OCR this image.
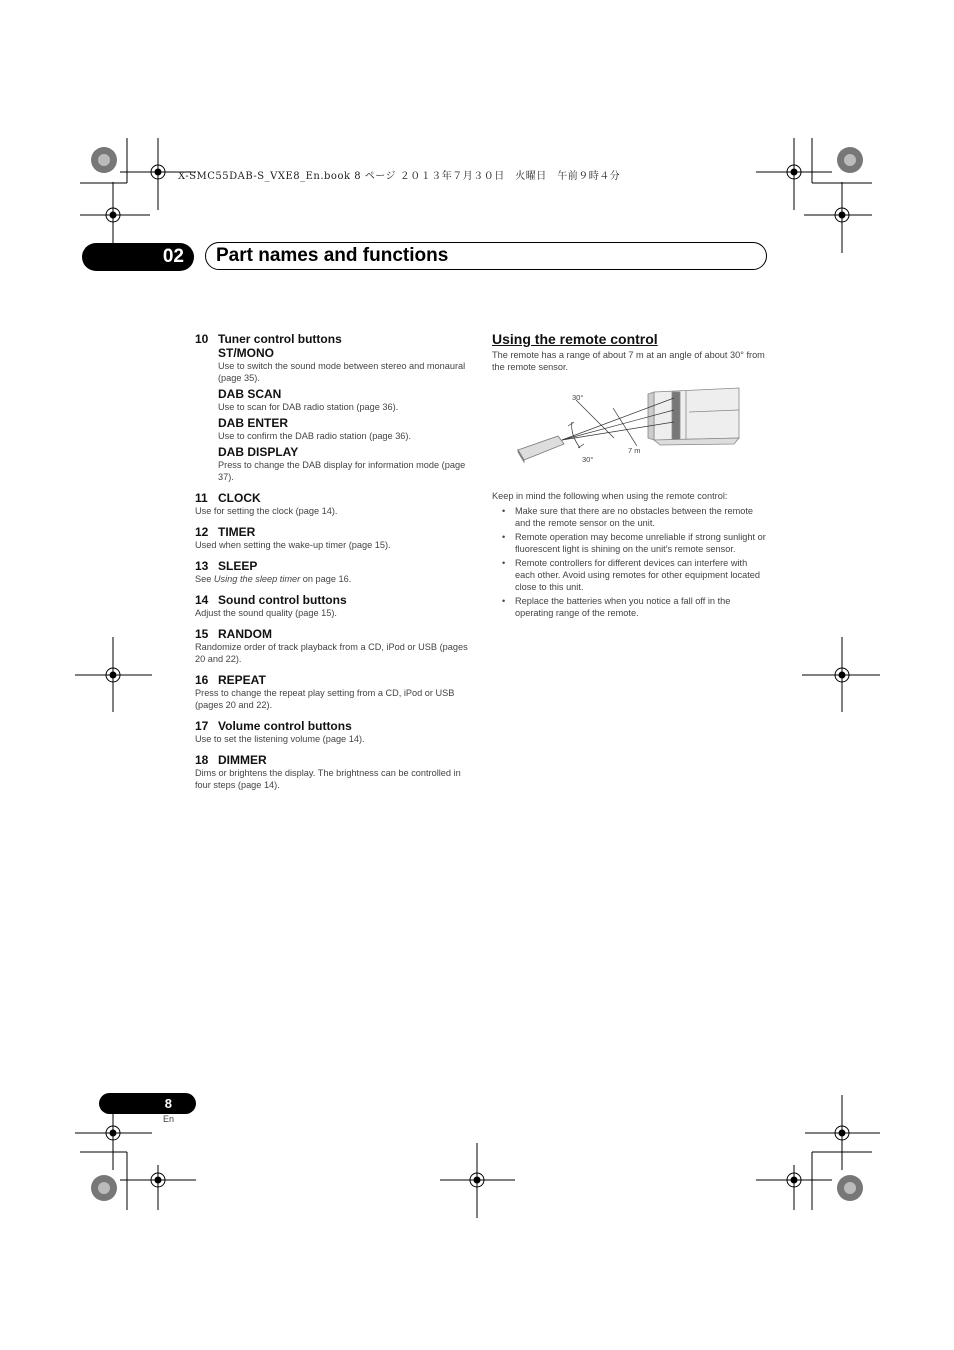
X-SMC55DAB-S_VXE8_En.book 8 ページ ２０１３年７月３０日　火曜日　午前９時４分
02 Part names and functions
10 Tuner control buttons
ST/MONO
Use to switch the sound mode between stereo and monaural (page 35).
DAB SCAN
Use to scan for DAB radio station (page 36).
DAB ENTER
Use to confirm the DAB radio station (page 36).
DAB DISPLAY
Press to change the DAB display for information mode (page 37).
11 CLOCK
Use for setting the clock (page 14).
12 TIMER
Used when setting the wake-up timer (page 15).
13 SLEEP
See Using the sleep timer on page 16.
14 Sound control buttons
Adjust the sound quality (page 15).
15 RANDOM
Randomize order of track playback from a CD, iPod or USB (pages 20 and 22).
16 REPEAT
Press to change the repeat play setting from a CD, iPod or USB (pages 20 and 22).
17 Volume control buttons
Use to set the listening volume (page 14).
18 DIMMER
Dims or brightens the display. The brightness can be controlled in four steps (page 14).
Using the remote control
The remote has a range of about 7 m at an angle of about 30° from the remote sensor.
Keep in mind the following when using the remote control:
• Make sure that there are no obstacles between the remote and the remote sensor on the unit.
• Remote operation may become unreliable if strong sunlight or fluorescent light is shining on the unit’s remote sensor.
• Remote controllers for different devices can interfere with each other. Avoid using remotes for other equipment located close to this unit.
• Replace the batteries when you notice a fall off in the operating range of the remote.
30°
30°
7 m
8
En
